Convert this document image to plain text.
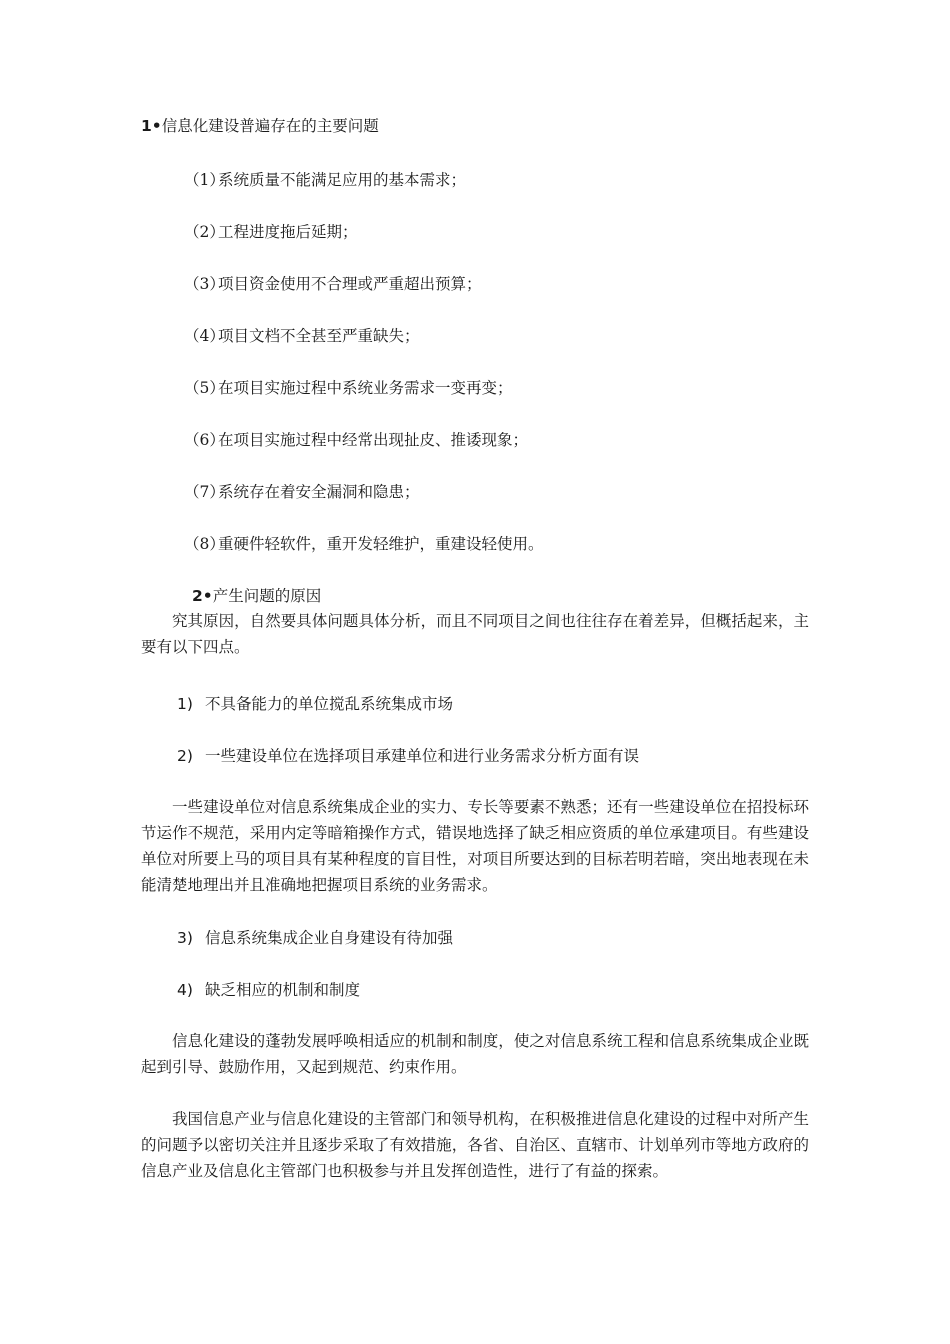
1•信息化建设普遍存在的主要问题
（1）系统质量不能满足应用的基本需求；
（2）工程进度拖后延期；
（3）项目资金使用不合理或严重超出预算；
（4）项目文档不全甚至严重缺失；
（5）在项目实施过程中系统业务需求一变再变；
（6）在项目实施过程中经常出现扯皮、推诿现象；
（7）系统存在着安全漏洞和隐患；
（8）重硬件轻软件，重开发轻维护，重建设轻使用。
2•产生问题的原因
究其原因，自然要具体问题具体分析，而且不同项目之间也往往存在着差异，但概括起来，主要有以下四点。
1) 不具备能力的单位搅乱系统集成市场
2) 一些建设单位在选择项目承建单位和进行业务需求分析方面有误
一些建设单位对信息系统集成企业的实力、专长等要素不熟悉；还有一些建设单位在招投标环节运作不规范，采用内定等暗箱操作方式，错误地选择了缺乏相应资质的单位承建项目。有些建设单位对所要上马的项目具有某种程度的盲目性，对项目所要达到的目标若明若暗，突出地表现在未能清楚地理出并且准确地把握项目系统的业务需求。
3) 信息系统集成企业自身建设有待加强
4) 缺乏相应的机制和制度
信息化建设的蓬勃发展呼唤相适应的机制和制度，使之对信息系统工程和信息系统集成企业既起到引导、鼓励作用，又起到规范、约束作用。
我国信息产业与信息化建设的主管部门和领导机构，在积极推进信息化建设的过程中对所产生的问题予以密切关注并且逐步采取了有效措施，各省、自治区、直辖市、计划单列市等地方政府的信息产业及信息化主管部门也积极参与并且发挥创造性，进行了有益的探索。
